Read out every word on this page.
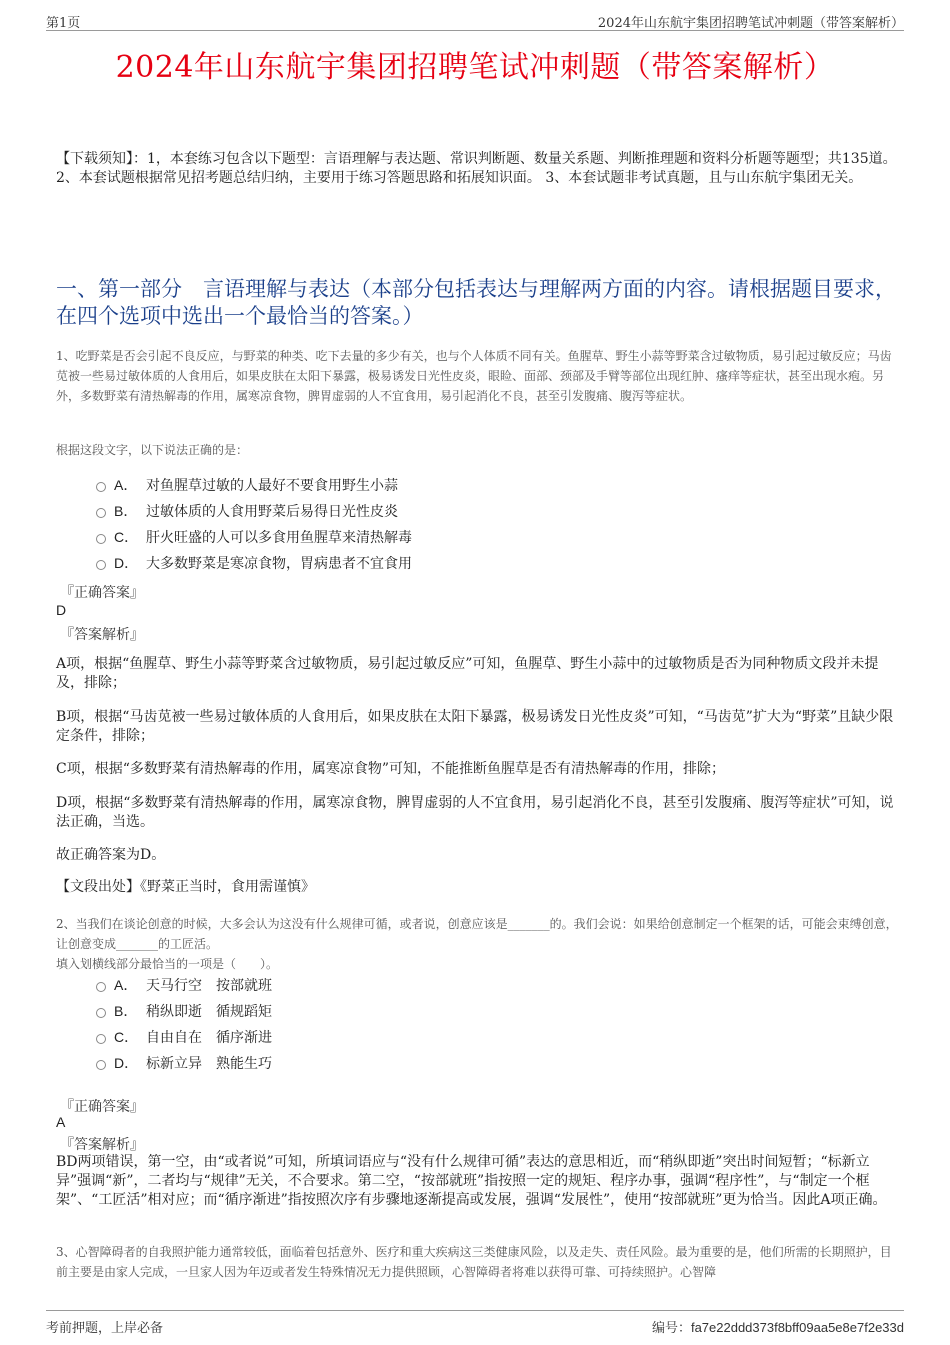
第1页	2024年山东航宇集团招聘笔试冲刺题（带答案解析）
2024年山东航宇集团招聘笔试冲刺题（带答案解析）
【下载须知】：1，本套练习包含以下题型：言语理解与表达题、常识判断题、数量关系题、判断推理题和资料分析题等题型；共135道。 2、本套试题根据常见招考题总结归纳，主要用于练习答题思路和拓展知识面。 3、本套试题非考试真题，且与山东航宇集团无关。
一、第一部分　言语理解与表达（本部分包括表达与理解两方面的内容。请根据题目要求，在四个选项中选出一个最恰当的答案。）
1、吃野菜是否会引起不良反应，与野菜的种类、吃下去量的多少有关，也与个人体质不同有关。鱼腥草、野生小蒜等野菜含过敏物质，易引起过敏反应；马齿苋被一些易过敏体质的人食用后，如果皮肤在太阳下暴露，极易诱发日光性皮炎，眼睑、面部、颈部及手臂等部位出现红肿、瘙痒等症状，甚至出现水疱。另外，多数野菜有清热解毒的作用，属寒凉食物，脾胃虚弱的人不宜食用，易引起消化不良，甚至引发腹痛、腹泻等症状。
根据这段文字，以下说法正确的是：
A． 对鱼腥草过敏的人最好不要食用野生小蒜
B． 过敏体质的人食用野菜后易得日光性皮炎
C． 肝火旺盛的人可以多食用鱼腥草来清热解毒
D． 大多数野菜是寒凉食物，胃病患者不宜食用
『正确答案』
D
『答案解析』
A项，根据“鱼腥草、野生小蒜等野菜含过敏物质，易引起过敏反应”可知，鱼腥草、野生小蒜中的过敏物质是否为同种物质文段并未提及，排除；
B项，根据“马齿苋被一些易过敏体质的人食用后，如果皮肤在太阳下暴露，极易诱发日光性皮炎”可知，“马齿苋”扩大为“野菜”且缺少限定条件，排除；
C项，根据“多数野菜有清热解毒的作用，属寒凉食物”可知，不能推断鱼腥草是否有清热解毒的作用，排除；
D项，根据“多数野菜有清热解毒的作用，属寒凉食物，脾胃虚弱的人不宜食用，易引起消化不良，甚至引发腹痛、腹泻等症状”可知，说法正确，当选。
故正确答案为D。
【文段出处】《野菜正当时，食用需谨慎》
2、当我们在谈论创意的时候，大多会认为这没有什么规律可循，或者说，创意应该是_______的。我们会说：如果给创意制定一个框架的话，可能会束缚创意，让创意变成_______的工匠活。
填入划横线部分最恰当的一项是（　　）。
A． 天马行空　按部就班
B． 稍纵即逝　循规蹈矩
C． 自由自在　循序渐进
D． 标新立异　熟能生巧
『正确答案』
A
『答案解析』
BD两项错误，第一空，由“或者说”可知，所填词语应与“没有什么规律可循”表达的意思相近，而“稍纵即逝”突出时间短暂；“标新立异”强调“新”，二者均与“规律”无关，不合要求。第二空，“按部就班”指按照一定的规矩、程序办事，强调“程序性”，与“制定一个框架”、“工匠活”相对应；而“循序渐进”指按照次序有步骤地逐渐提高或发展，强调“发展性”，使用“按部就班”更为恰当。因此A项正确。
3、心智障碍者的自我照护能力通常较低，面临着包括意外、医疗和重大疾病这三类健康风险，以及走失、责任风险。最为重要的是，他们所需的长期照护，目前主要是由家人完成，一旦家人因为年迈或者发生特殊情况无力提供照顾，心智障碍者将难以获得可靠、可持续照护。心智障
考前押题，上岸必备	编号：fa7e22ddd373f8bff09aa5e8e7f2e33d
